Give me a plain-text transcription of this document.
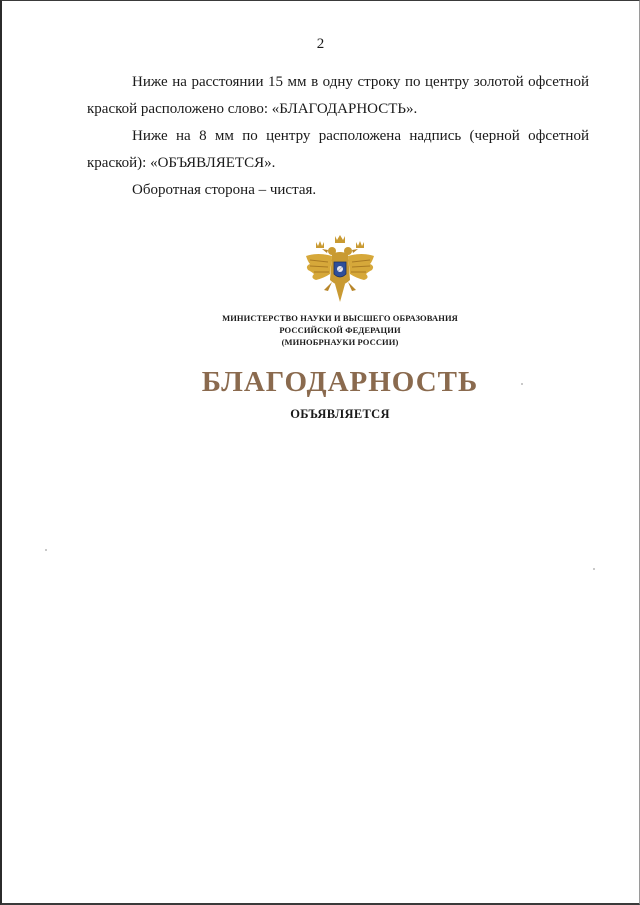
2

Ниже на расстоянии 15 мм в одну строку по центру золотой офсетной краской расположено слово: «БЛАГОДАРНОСТЬ».

Ниже на 8 мм по центру расположена надпись (черной офсетной краской): «ОБЪЯВЛЯЕТСЯ».

Оборотная сторона – чистая.

МИНИСТЕРСТВО НАУКИ И ВЫСШЕГО ОБРАЗОВАНИЯ
РОССИЙСКОЙ ФЕДЕРАЦИИ
(МИНОБРНАУКИ РОССИИ)
БЛАГОДАРНОСТЬ
ОБЪЯВЛЯЕТСЯ
